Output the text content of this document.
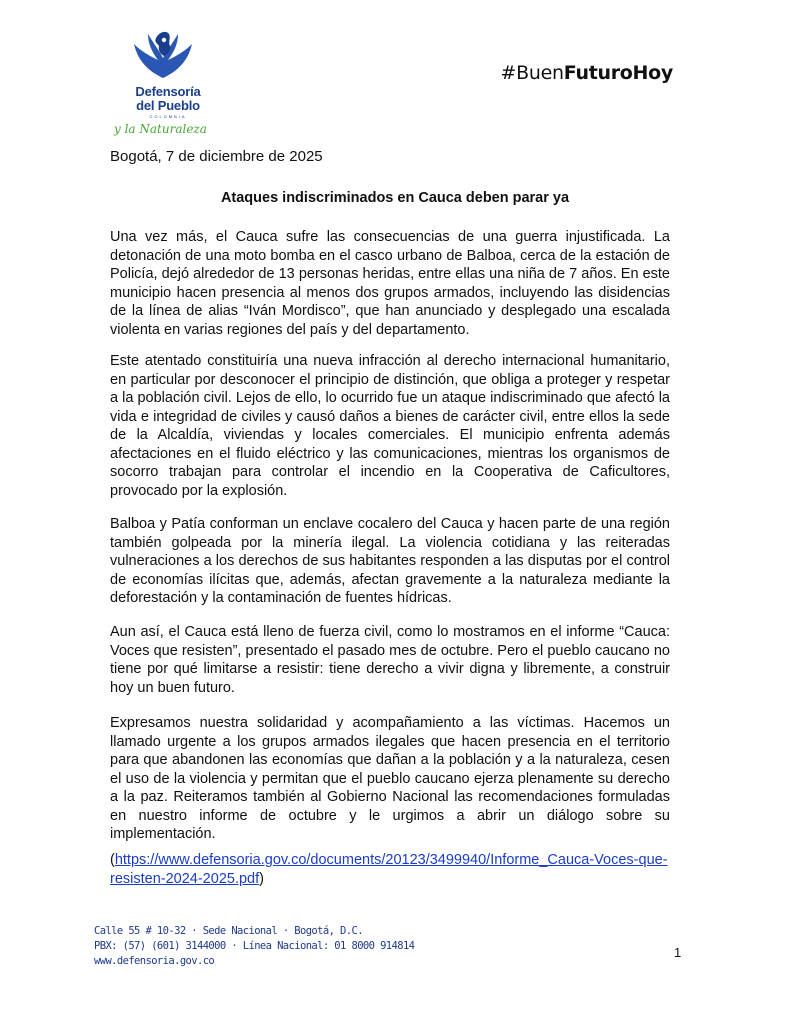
Defensoría
del Pueblo
COLOMBIA
y la Naturaleza
#BuenFuturoHoy

Bogotá, 7 de diciembre de 2025

Ataques indiscriminados en Cauca deben parar ya

Una vez más, el Cauca sufre las consecuencias de una guerra injustificada. La detonación de una moto bomba en el casco urbano de Balboa, cerca de la estación de Policía, dejó alrededor de 13 personas heridas, entre ellas una niña de 7 años. En este municipio hacen presencia al menos dos grupos armados, incluyendo las disidencias de la línea de alias “Iván Mordisco”, que han anunciado y desplegado una escalada violenta en varias regiones del país y del departamento.

Este atentado constituiría una nueva infracción al derecho internacional humanitario, en particular por desconocer el principio de distinción, que obliga a proteger y respetar a la población civil. Lejos de ello, lo ocurrido fue un ataque indiscriminado que afectó la vida e integridad de civiles y causó daños a bienes de carácter civil, entre ellos la sede de la Alcaldía, viviendas y locales comerciales. El municipio enfrenta además afectaciones en el fluido eléctrico y las comunicaciones, mientras los organismos de socorro trabajan para controlar el incendio en la Cooperativa de Caficultores, provocado por la explosión.

Balboa y Patía conforman un enclave cocalero del Cauca y hacen parte de una región también golpeada por la minería ilegal. La violencia cotidiana y las reiteradas vulneraciones a los derechos de sus habitantes responden a las disputas por el control de economías ilícitas que, además, afectan gravemente a la naturaleza mediante la deforestación y la contaminación de fuentes hídricas.

Aun así, el Cauca está lleno de fuerza civil, como lo mostramos en el informe “Cauca: Voces que resisten”, presentado el pasado mes de octubre. Pero el pueblo caucano no tiene por qué limitarse a resistir: tiene derecho a vivir digna y libremente, a construir hoy un buen futuro.

Expresamos nuestra solidaridad y acompañamiento a las víctimas. Hacemos un llamado urgente a los grupos armados ilegales que hacen presencia en el territorio para que abandonen las economías que dañan a la población y a la naturaleza, cesen el uso de la violencia y permitan que el pueblo caucano ejerza plenamente su derecho a la paz. Reiteramos también al Gobierno Nacional las recomendaciones formuladas en nuestro informe de octubre y le urgimos a abrir un diálogo sobre su implementación.

(https://www.defensoria.gov.co/documents/20123/3499940/Informe_Cauca-Voces-que-resisten-2024-2025.pdf)
Calle 55 # 10-32 · Sede Nacional · Bogotá, D.C.
PBX: (57) (601) 3144000 · Línea Nacional: 01 8000 914814
www.defensoria.gov.co
1
